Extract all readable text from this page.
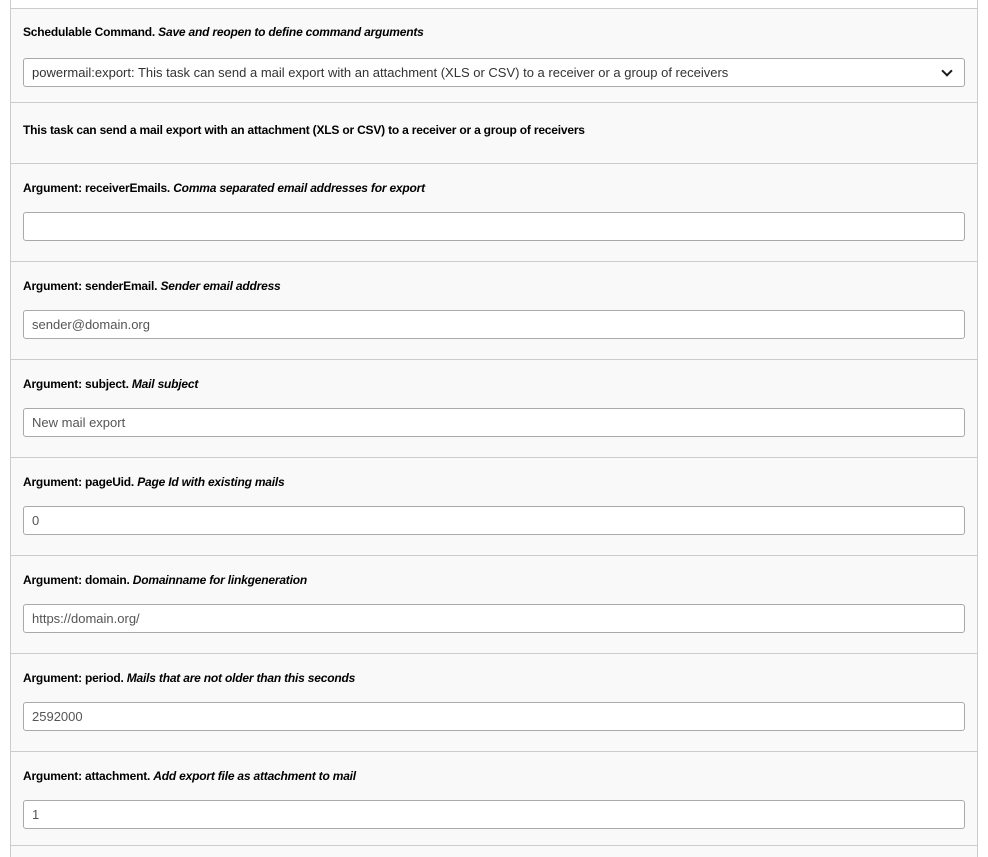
Schedulable Command. Save and reopen to define command arguments
powermail:export: This task can send a mail export with an attachment (XLS or CSV) to a receiver or a group of receivers
This task can send a mail export with an attachment (XLS or CSV) to a receiver or a group of receivers
Argument: receiverEmails. Comma separated email addresses for export
Argument: senderEmail. Sender email address
sender@domain.org
Argument: subject. Mail subject
New mail export
Argument: pageUid. Page Id with existing mails
0
Argument: domain. Domainname for linkgeneration
https://domain.org/
Argument: period. Mails that are not older than this seconds
2592000
Argument: attachment. Add export file as attachment to mail
1
